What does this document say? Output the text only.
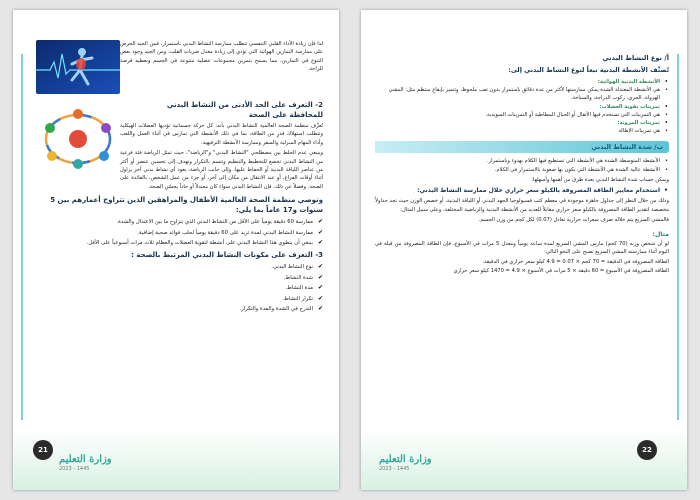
لذا فإن زيادة الأداء القلبي التنفسي تتطلب ممارسة النشاط البدني باستمرار، فمن الجيد الحرص على ممارسة التمارين الهوائية التي تؤدي إلى زيادة معدل ضربات القلب، ومن الجيد وجود بعض التنوع في التمارين، مما يسمح بتمرين مجموعات عضلية متنوعة في الجسم وبعطيه فرصة للراحة.

2- التعرف على الحد الأدنى من النشاط البدني للمحافظة على الصحة

تُعرِّف منظمة الصحة العالمية النشاط البدني بأنه: كل حركة جسمانية تؤديها العضلات الهيكلية وتتطلب استهلاك قدرٍ من الطاقة، بما في ذلك الأنشطة التي تمارس في أثناء العمل واللعب وأداء المهام المنزلية والسفر وممارسة الأنشطة الترفيهية.

وينبغي عدم الخلط بين مصطلحي "النشاط البدني" و"الرياضة"، حيث تمثل الرياضة فئة فرعية من النشاط البدني تخضع للتخطيط والتنظيم وتتسم بالتكرار وتهدف إلى تحسين عنصر أو أكثر من عناصر اللياقة البدنية أو الحفاظ عليها. وإلى جانب الرياضة، يعود أي نشاط بدني آخر يزاول أثناء أوقات الفراغ، أو عند الانتقال من مكان إلى آخر، أو جزء من عمل الشخص، بالفائدة على الصحة. وفضلاً عن ذلك، فإن النشاط البدني سواء كان معتدلاً أو حاداً يحسّن الصحة.

وتوصي منظمة الصحة العالمية الأطفال والمراهقين الذين تتراوح أعمارهم بين 5 سنوات و17 عاماً بما يلي:

✔ ممارسة 60 دقيقة يومياً على الأقل من النشاط البدني الذي يتراوح ما بين الاعتدال والشدة.
✔ ممارسة النشاط البدني لمدة تزيد على 60 دقيقة يومياً لجلب فوائد صحية إضافية.
✔ ينبغي أن ينطوي هذا النشاط البدني على أنشطة لتقوية العضلات والعظام ثلاث مرات أسبوعياً على الأقل.

3- التعرف على مكونات النشاط البدني المرتبط بالصحة :

✔ نوع النشاط البدني.
✔ شدة النشاط.
✔ مدة النشاط.
✔ تكرار النشاط.
✔ التدرج في الشدة والمدة والتكرار.
21
وزارة التعليم
2023 - 1445

أ/ نوع النشاط البدني

تُصنَّف الأنشطة البدنية تبعاً لنوع النشاط البدني إلى:

• الأنشطة البدنية الهوائية:
• هي الأنشطة المعتدلة الشدة يمكن ممارستها لأكثر من عدة دقائق باستمرار بدون تعب ملحوظ، وتتميز بإيقاع منتظم مثل: المشي الهرولة، الجري، ركوب الدراجة، والسباحة.
• تمرينات تقوية العضلات:
• هي التمرينات التي تستخدم فيها الأثقال أو الحبال المطاطية أو التمرينات السويدية.
• تمرينات المرونة:
• هي تمرينات الإطالة
ب/ شدة النشاط البدني
• الأنشطة المتوسطة الشدة هي الأنشطة التي تستطيع فيها الكلام بهدوء وباستمرار.
• الأنشطة عالية الشدة هي الأنشطة التي يكون بها صعوبة بالاستمرار في الكلام.

ويمكن حساب شدة النشاط البدني بعدة طرق من أهمها وأسهلها:

• استخدام معايير الطاقة المصروفة بالكيلو سعر حراري خلال ممارسة النشاط البدني:

وذلك من خلال النظر إلى جداول جاهزة موجودة في معظم كتب فسيولوجيا الجهد البدني أو اللياقة البدنية، أو خصص الوزن حيث تجد جداولاً مخصصة لتقدير الطاقة المصروفة بالكيلو سعر حراري مقابلاً للعديد من الأنشطة البدنية والرياضية المختلفة، وعلى سبيل المثال:

فالمشي السريع يتم خلاله صرف سعرات حرارية تعادل (0.07) لكل كجم من وزن الجسم.

مثال:

لو أن شخص وزنه (70 كجم) مارس المشي السريع لمدة ساعة يومياً ومعدل 5 مرات في الأسبوع، فإن الطاقة المصروفة من قبله في اليوم أثناء ممارسته المشي السريع تصبح على النحو التالي:

الطاقة المصروفة في الدقيقة = 70 كجم × 0.07 = 4.9 كيلو سعر حراري في الدقيقة.

الطاقة المصروفة في الأسبوع = 60 دقيقة × 5 مرات في الأسبوع × 4.9 = 1470 كيلو سعر حراري

22
وزارة التعليم
2023 - 1445
